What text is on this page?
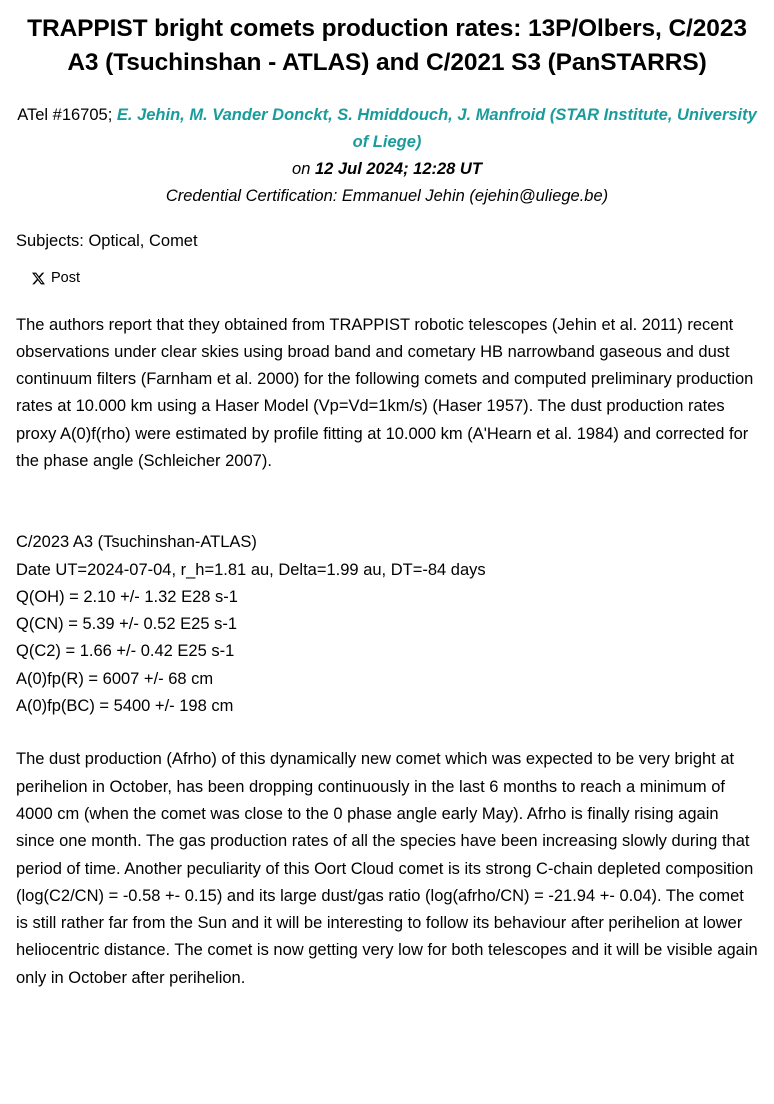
TRAPPIST bright comets production rates: 13P/Olbers, C/2023 A3 (Tsuchinshan - ATLAS) and C/2021 S3 (PanSTARRS)
ATel #16705; E. Jehin, M. Vander Donckt, S. Hmiddouch, J. Manfroid (STAR Institute, University of Liege)
on 12 Jul 2024; 12:28 UT
Credential Certification: Emmanuel Jehin (ejehin@uliege.be)
Subjects: Optical, Comet
Post

The authors report that they obtained from TRAPPIST robotic telescopes (Jehin et al. 2011) recent observations under clear skies using broad band and cometary HB narrowband gaseous and dust continuum filters (Farnham et al. 2000) for the following comets and computed preliminary production rates at 10.000 km using a Haser Model (Vp=Vd=1km/s) (Haser 1957). The dust production rates proxy A(0)f(rho) were estimated by profile fitting at 10.000 km (A'Hearn et al. 1984) and corrected for the phase angle (Schleicher 2007).

C/2023 A3 (Tsuchinshan-ATLAS)
Date UT=2024-07-04, r_h=1.81 au, Delta=1.99 au, DT=-84 days
Q(OH) = 2.10 +/- 1.32 E28 s-1
Q(CN) = 5.39 +/- 0.52 E25 s-1
Q(C2) = 1.66 +/- 0.42 E25 s-1
A(0)fp(R) = 6007 +/- 68 cm
A(0)fp(BC) = 5400 +/- 198 cm

The dust production (Afrho) of this dynamically new comet which was expected to be very bright at perihelion in October, has been dropping continuously in the last 6 months to reach a minimum of 4000 cm (when the comet was close to the 0 phase angle early May). Afrho is finally rising again since one month. The gas production rates of all the species have been increasing slowly during that period of time. Another peculiarity of this Oort Cloud comet is its strong C-chain depleted composition (log(C2/CN) = -0.58 +- 0.15) and its large dust/gas ratio (log(afrho/CN) = -21.94 +- 0.04). The comet is still rather far from the Sun and it will be interesting to follow its behaviour after perihelion at lower heliocentric distance. The comet is now getting very low for both telescopes and it will be visible again only in October after perihelion.
